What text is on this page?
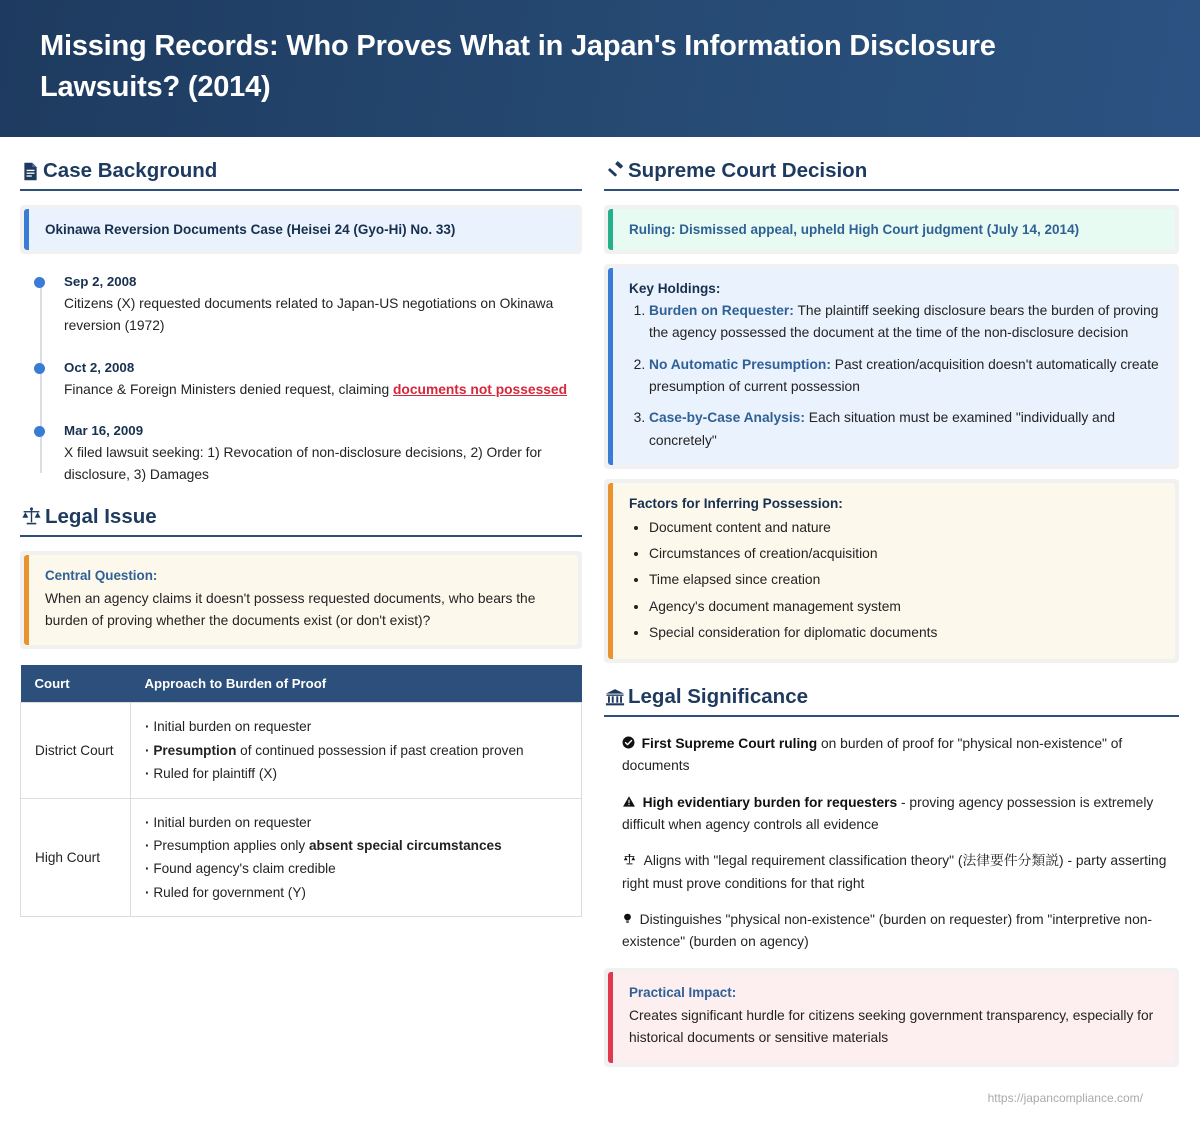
Missing Records: Who Proves What in Japan's Information Disclosure Lawsuits? (2014)
Case Background
Okinawa Reversion Documents Case (Heisei 24 (Gyo-Hi) No. 33)
Sep 2, 2008
Citizens (X) requested documents related to Japan-US negotiations on Okinawa reversion (1972)
Oct 2, 2008
Finance & Foreign Ministers denied request, claiming documents not possessed
Mar 16, 2009
X filed lawsuit seeking: 1) Revocation of non-disclosure decisions, 2) Order for disclosure, 3) Damages
Legal Issue
Central Question:
When an agency claims it doesn't possess requested documents, who bears the burden of proving whether the documents exist (or don't exist)?
Court	Approach to Burden of Proof
District Court	· Initial burden on requester
· Presumption of continued possession if past creation proven
· Ruled for plaintiff (X)

High Court	· Initial burden on requester
· Presumption applies only absent special circumstances
· Found agency's claim credible
· Ruled for government (Y)
Supreme Court Decision
Ruling: Dismissed appeal, upheld High Court judgment (July 14, 2014)
Key Holdings:
1. Burden on Requester: The plaintiff seeking disclosure bears the burden of proving the agency possessed the document at the time of the non-disclosure decision
2. No Automatic Presumption: Past creation/acquisition doesn't automatically create presumption of current possession
3. Case-by-Case Analysis: Each situation must be examined "individually and concretely"
Factors for Inferring Possession:
• Document content and nature
• Circumstances of creation/acquisition
• Time elapsed since creation
• Agency's document management system
• Special consideration for diplomatic documents
Legal Significance
First Supreme Court ruling on burden of proof for "physical non-existence" of documents
High evidentiary burden for requesters - proving agency possession is extremely difficult when agency controls all evidence
Aligns with "legal requirement classification theory" (法律要件分類説) - party asserting right must prove conditions for that right
Distinguishes "physical non-existence" (burden on requester) from "interpretive non-existence" (burden on agency)
Practical Impact:
Creates significant hurdle for citizens seeking government transparency, especially for historical documents or sensitive materials
https://japancompliance.com/
